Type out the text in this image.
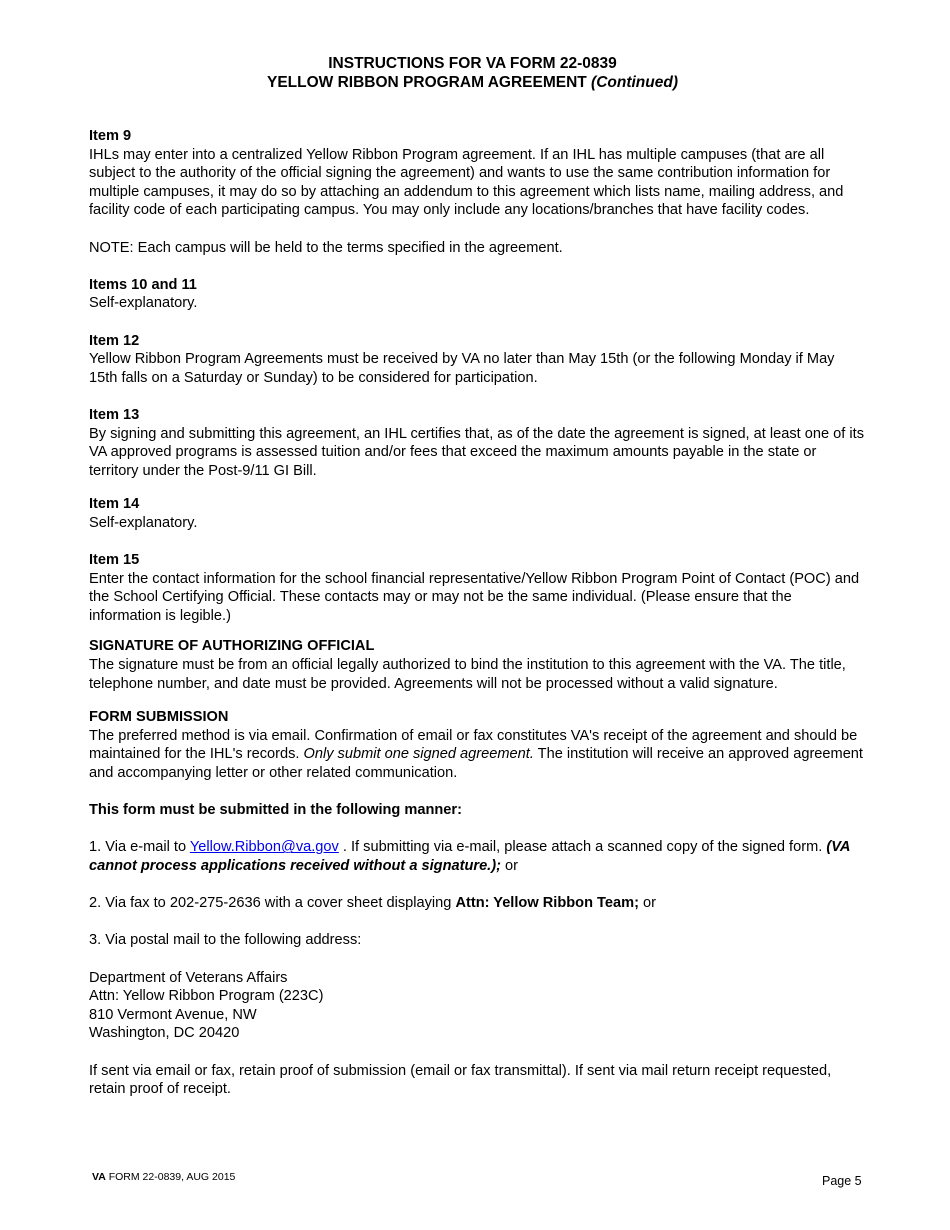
INSTRUCTIONS FOR VA FORM 22-0839
YELLOW RIBBON PROGRAM AGREEMENT (Continued)
Item 9

IHLs may enter into a centralized Yellow Ribbon Program agreement. If an IHL has multiple campuses (that are all subject to the authority of the official signing the agreement) and wants to use the same contribution information for multiple campuses, it may do so by attaching an addendum to this agreement which lists name, mailing address, and facility code of each participating campus. You may only include any locations/branches that have facility codes.

NOTE: Each campus will be held to the terms specified in the agreement.

Items 10 and 11

Self-explanatory.

Item 12

Yellow Ribbon Program Agreements must be received by VA no later than May 15th (or the following Monday if May 15th falls on a Saturday or Sunday) to be considered for participation.

Item 13

By signing and submitting this agreement, an IHL certifies that, as of the date the agreement is signed, at least one of its VA approved programs is assessed tuition and/or fees that exceed the maximum amounts payable in the state or territory under the Post-9/11 GI Bill.

Item 14

Self-explanatory.

Item 15

Enter the contact information for the school financial representative/Yellow Ribbon Program Point of Contact (POC) and the School Certifying Official. These contacts may or may not be the same individual. (Please ensure that the information is legible.)

SIGNATURE OF AUTHORIZING OFFICIAL

The signature must be from an official legally authorized to bind the institution to this agreement with the VA. The title, telephone number, and date must be provided. Agreements will not be processed without a valid signature.

FORM SUBMISSION

The preferred method is via email. Confirmation of email or fax constitutes VA's receipt of the agreement and should be maintained for the IHL's records. Only submit one signed agreement. The institution will receive an approved agreement and accompanying letter or other related communication.

This form must be submitted in the following manner:

1. Via e-mail to Yellow.Ribbon@va.gov . If submitting via e-mail, please attach a scanned copy of the signed form. (VA cannot process applications received without a signature.); or

2. Via fax to 202-275-2636 with a cover sheet displaying Attn: Yellow Ribbon Team; or

3. Via postal mail to the following address:

Department of Veterans Affairs
Attn: Yellow Ribbon Program (223C)
810 Vermont Avenue, NW
Washington, DC 20420

If sent via email or fax, retain proof of submission (email or fax transmittal). If sent via mail return receipt requested, retain proof of receipt.

VA FORM 22-0839, AUG 2015	Page 5
